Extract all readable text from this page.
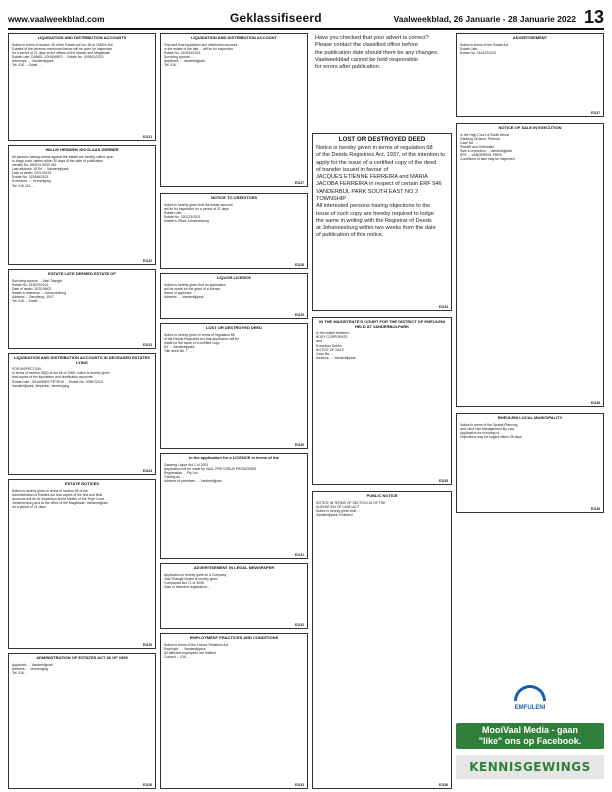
www.vaalweekblad.com	Geklassifiseerd	Vaalweekblad, 26 Januarie - 28 Januarie 2022 13
LIQUIDATION AND DISTRIBUTION ACCOUNTS
Notice in terms of section 35 of the Estate Act No. 66 of 1965 in the
Estates of the persons mentioned below will be open for inspection
for a period of 21 days at the offices of the Master and Magistrate
Estate Late: DANIEL JOHANNES ... Estate No. 009521/2021
Attorneys: ... Vanderbijlpark
Tel: 016 ... Email: ...
E1121
WILLIE HENDRIK NICOLAAS GERBER
All persons having claims against the estate are hereby called upon
to lodge such claims within 30 days of the date of publication
Identity No. 560101 5099 081
Last address: 18 Erf ... Vanderbijlpark
Date of death: 2021/09/15
Estate No. 023456/2021
Executors: ... Vereeniging
Tel: 016 421 ...
E1122
ESTATE LATE DEEMED ESTATE OF
Surviving spouse ... Vaal Triangle
Estate No. 013002/2021
Date of death: 2021/08/02
Master's reference ... Johannesburg
Address ... Sasolburg, 1947
Tel: 016 ... Email: ...
E1123
LIQUIDATION AND DISTRIBUTION ACCOUNTS IN DECEASED ESTATES LYING
FOR INSPECTION
In terms of section 35(5) of Act 66 of 1965, notice is hereby given
that copies of the liquidation and distribution accounts
Estate Late: JOHANNES PETRUS ... Estate No. 00987/2021
Vanderbijlpark, Meyerton, Vereeniging
E1124
ESTATE NOTICES
Notice is hereby given in terms of section 35 of the
Administration of Estates Act that copies of the first and final
accounts will lie for inspection at the Master of the High Court
Johannesburg and at the office of the Magistrate, Vanderbijlpark
for a period of 21 days
E1125
ADMINISTRATION OF ESTATES ACT 66 OF 1965
Applicant: ... Vanderbijlpark
Address: ... Vereeniging
Tel: 016 ...
E1126
LIQUIDATION AND DISTRIBUTION ACCOUNT
First and final liquidation and distribution account
in the estate of the late ... will lie for inspection
Estate No. 016254/2021
Surviving spouse: ...
Applicant: ... Vanderbijlpark
Tel: 016 ...
E1127
NOTICE TO CREDITORS
Notice is hereby given that the estate account
will lie for inspection for a period of 21 days
Estate Late: ...
Estate No. 020123/2021
Master's Office Johannesburg
E1128
LIQUOR LICENCE
Notice is hereby given that an application
will be made for the grant of a licence
Name of applicant: ...
Address: ... Vanderbijlpark
E1129
LOST OR DESTROYED DEED
Notice is hereby given in terms of regulation 68
of the Deeds Registries Act that application will be
made for the issue of a certified copy
Erf ... Vanderbijlpark
Title deed No. T ...
E1130
In the application for a LICENCE in terms of the
Gauteng Liquor Act 2 of 2003
Application will be made by VAAL PRETORIUS PROMOSIES
Registration ... Pty Ltd
Trading as ...
Address of premises: ... Vanderbijlpark
E1131
ADVERTISEMENT IN LEGAL NEWSPAPER
Application is hereby given to a Company
Vaal Triangle Notice is hereby given
Companies Act 71 of 2008
Date of intended registration ...
E1132
EMPLOYMENT PRACTICES AND CONDITIONS
Notice in terms of the Labour Relations Act
Employer: ... Vanderbijlpark
All affected employees are notified
Contact ... 016 ...
E1133
Have you checked that your advert is correct?
Please contact the classified office before
the publication date should there be any changes.
Vaalweekblad cannot be held responsible
for errors after publication.
LOST OR DESTROYED DEED
Notice is hereby given in terms of regulation 68
of the Deeds Registries Act, 1937, of the intention to
apply for the issue of a certified copy of the deed
of transfer issued in favour of
JACQUES ETIENNE FERREIRA and MARIA
JACOBA FERREIRA in respect of certain ERF 546
VANDERBIJL PARK SOUTH EAST NO 2
TOWNSHIP
All interested persons having objections to the
issue of such copy are hereby required to lodge
the same in writing with the Registrar of Deeds
at Johannesburg within two weeks from the date
of publication of this notice.
E1134
IN THE MAGISTRATE'S COURT FOR THE DISTRICT OF EMFULENI HELD AT VANDERBIJLPARK
In the matter between:
BODY CORPORATE
and
Execution Debtor
NOTICE OF SALE
Case No: ...
Address: ... Vanderbijlpark
E1135
PUBLIC NOTICE
NOTICE IN TERMS OF SECTION 34 OF THE
ALIENATION OF LAND ACT
Notice is hereby given that ...
Vanderbijlpark, Emfuleni
E1136
ADVERTISEMENT
Notice in terms of the Estate Act
Estate Late: ...
Estate No. 014422/2021
E1137
NOTICE OF SALE IN EXECUTION
In the High Court of South Africa
Gauteng Division, Pretoria
Case No: ...
Plaintiff and Defendant
Sale in execution ... Vanderbijlpark
ERF ... VANDERBIJL PARK
Conditions of sale may be inspected
E1138
EMFULENI LOCAL MUNICIPALITY
Notice in terms of the Spatial Planning
and Land Use Management By-Law
Application for rezoning of ...
Objections may be lodged within 28 days
E1139
EMFULENI
MooiVaal Media - gaan
"like" ons op Facebook.
KENNISGEWINGS
